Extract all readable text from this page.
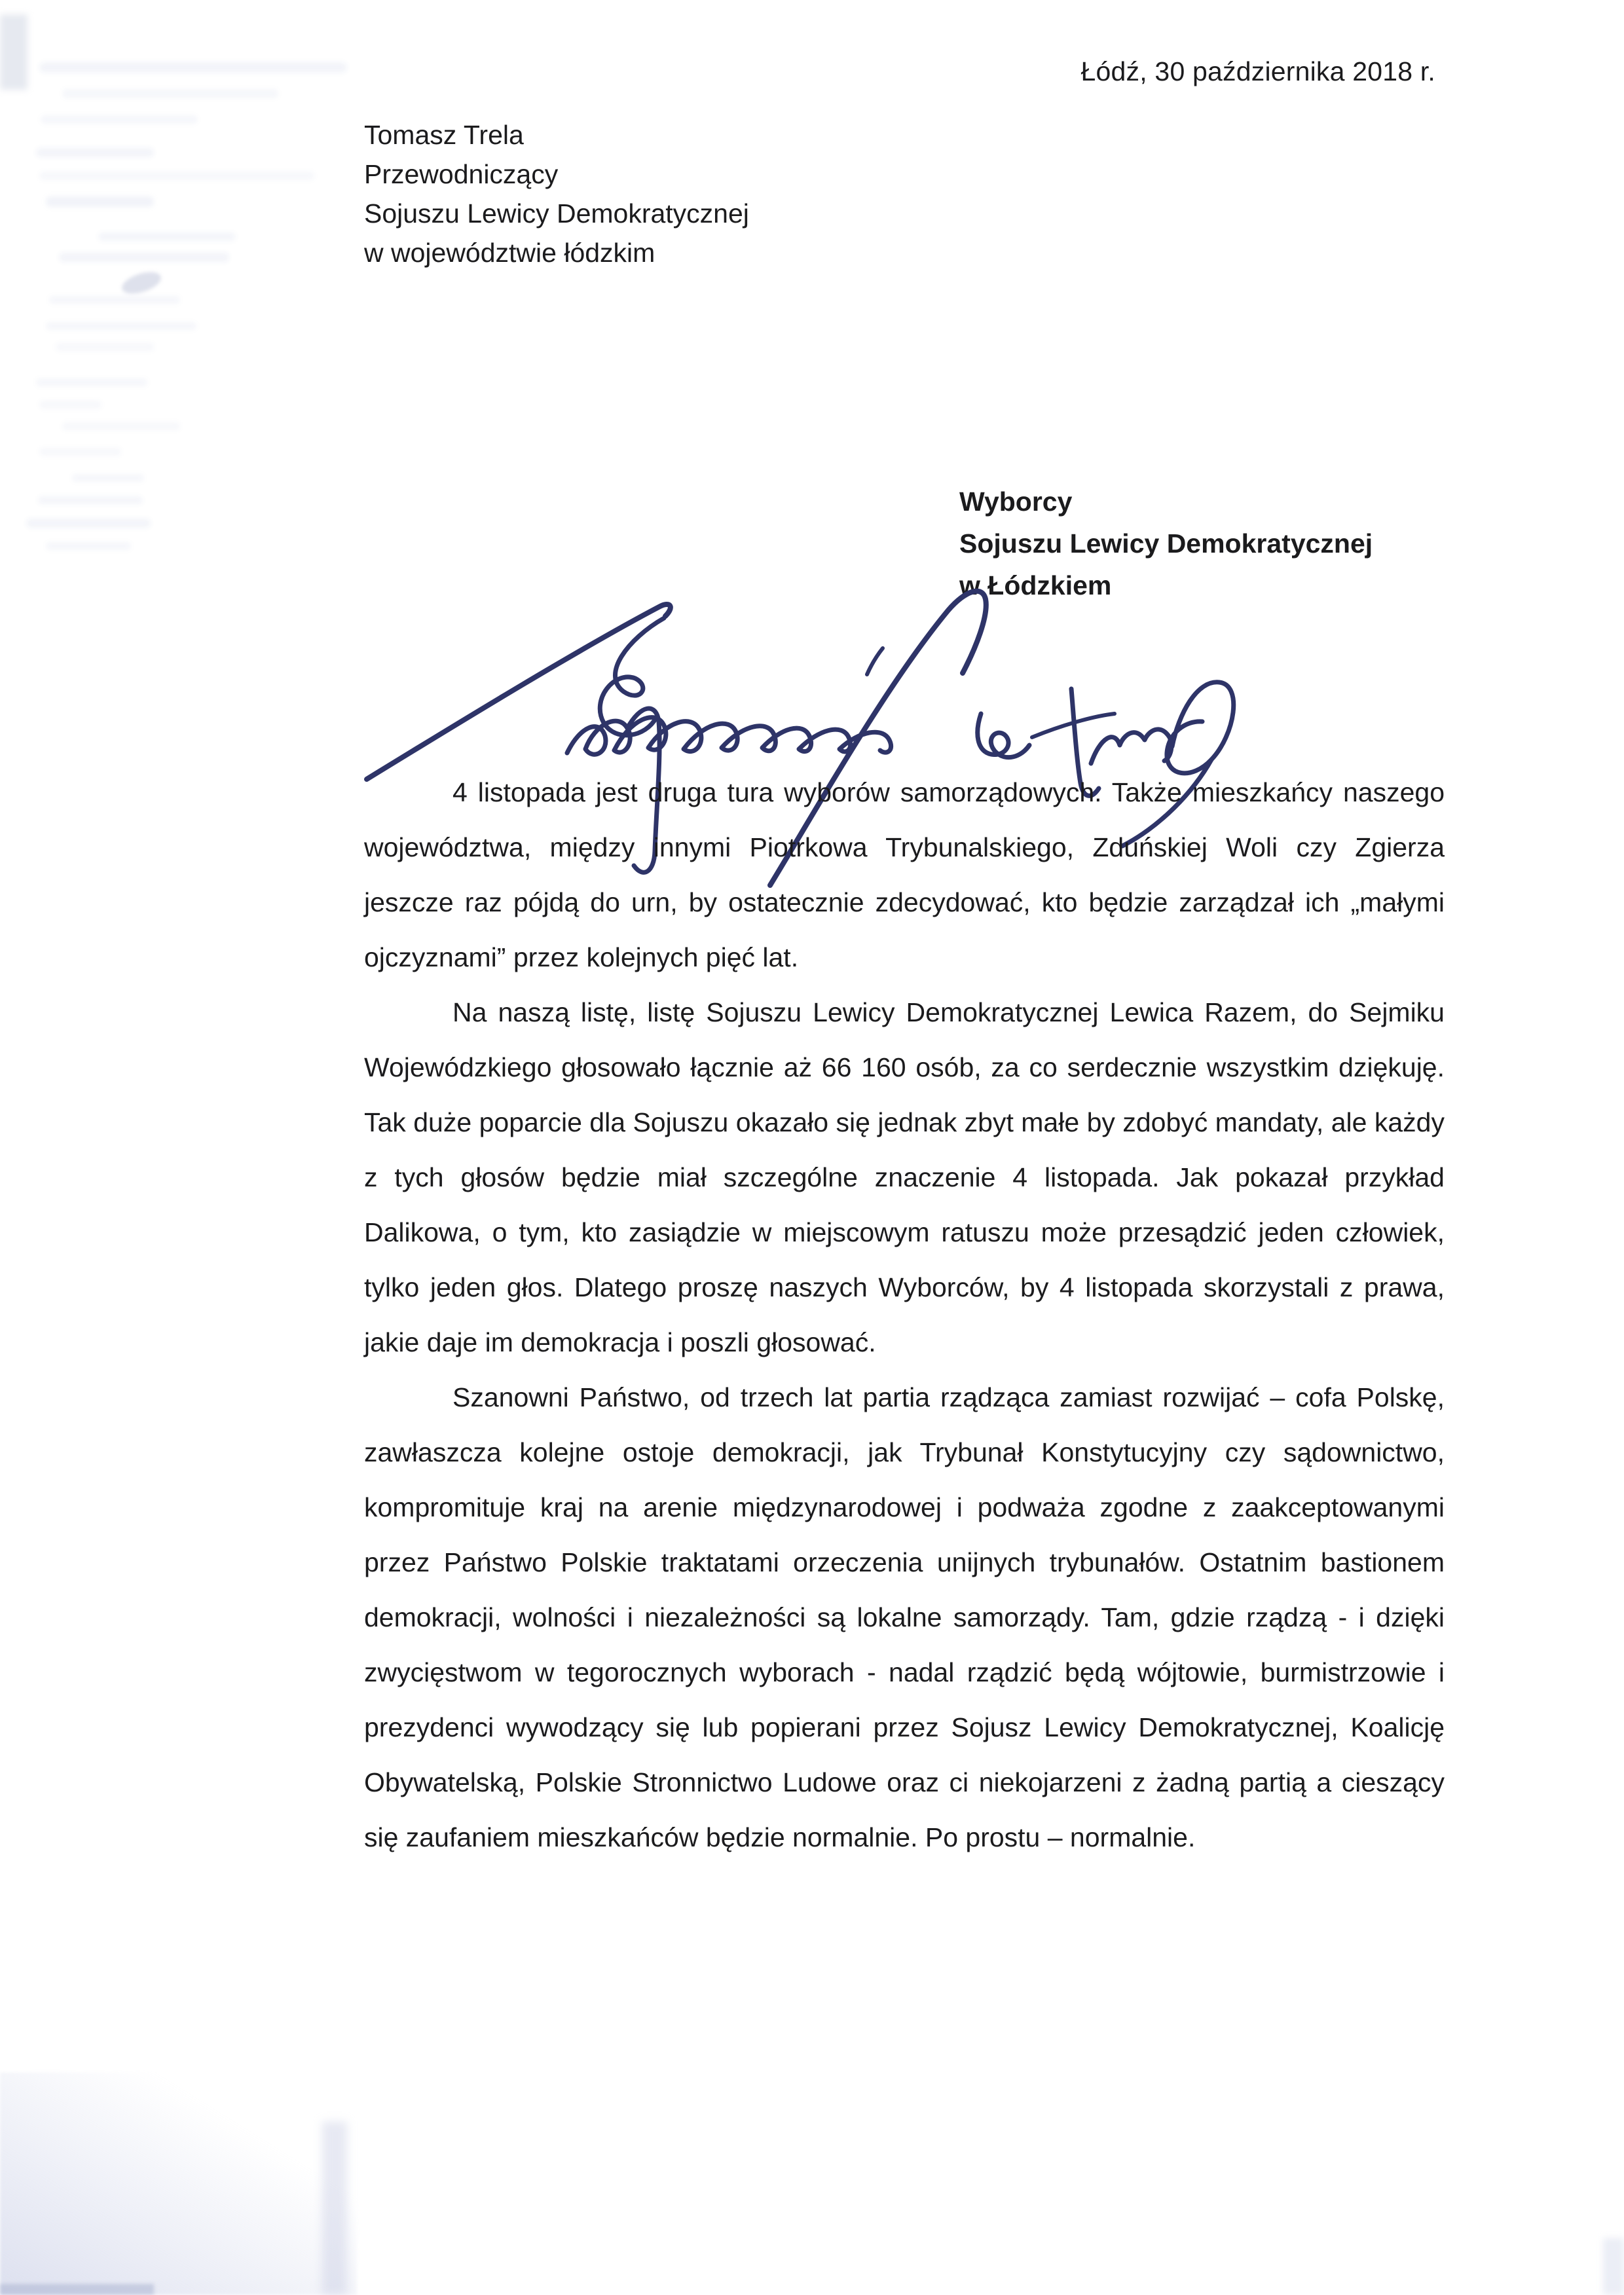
Łódź, 30 października 2018 r.
Tomasz Trela
Przewodniczący
Sojuszu Lewicy Demokratycznej
w województwie łódzkim
Wyborcy
Sojuszu Lewicy Demokratycznej
w Łódzkiem

4 listopada jest druga tura wyborów samorządowych. Także mieszkańcy naszego województwa, między innymi Piotrkowa Trybunalskiego, Zduńskiej Woli czy Zgierza jeszcze raz pójdą do urn, by ostatecznie zdecydować, kto będzie zarządzał ich „małymi ojczyznami” przez kolejnych pięć lat.

Na naszą listę, listę Sojuszu Lewicy Demokratycznej Lewica Razem, do Sejmiku Wojewódzkiego głosowało łącznie aż 66 160 osób, za co serdecznie wszystkim dziękuję. Tak duże poparcie dla Sojuszu okazało się jednak zbyt małe by zdobyć mandaty, ale każdy z tych głosów będzie miał szczególne znaczenie 4 listopada. Jak pokazał przykład Dalikowa, o tym, kto zasiądzie w miejscowym ratuszu może przesądzić jeden człowiek, tylko jeden głos. Dlatego proszę naszych Wyborców, by 4 listopada skorzystali z prawa, jakie daje im demokracja i poszli głosować.

Szanowni Państwo, od trzech lat partia rządząca zamiast rozwijać – cofa Polskę, zawłaszcza kolejne ostoje demokracji, jak Trybunał Konstytucyjny czy sądownictwo, kompromituje kraj na arenie międzynarodowej i podważa zgodne z zaakceptowanymi przez Państwo Polskie traktatami orzeczenia unijnych trybunałów. Ostatnim bastionem demokracji, wolności i niezależności są lokalne samorządy. Tam, gdzie rządzą - i dzięki zwycięstwom w tegorocznych wyborach - nadal rządzić będą wójtowie, burmistrzowie i prezydenci wywodzący się lub popierani przez Sojusz Lewicy Demokratycznej, Koalicję Obywatelską, Polskie Stronnictwo Ludowe oraz ci niekojarzeni z żadną partią a cieszący się zaufaniem mieszkańców będzie normalnie. Po prostu – normalnie.
